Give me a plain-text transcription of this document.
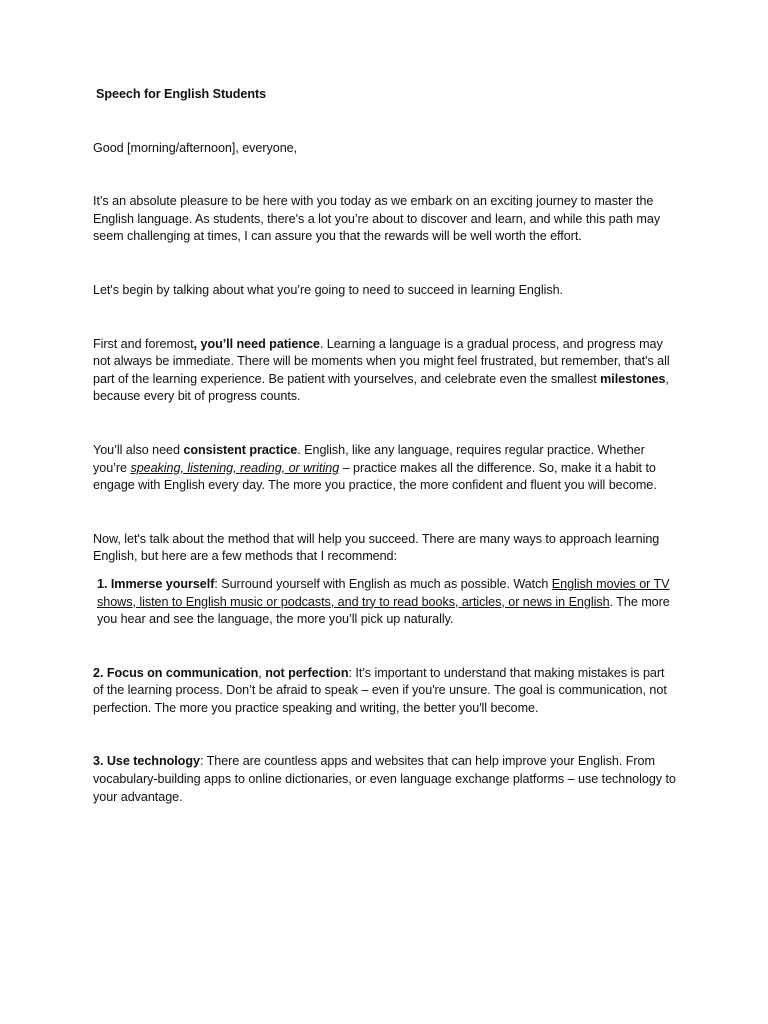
Speech for English Students

Good [morning/afternoon], everyone,

It’s an absolute pleasure to be here with you today as we embark on an exciting journey to master the English language. As students, there's a lot you’re about to discover and learn, and while this path may seem challenging at times, I can assure you that the rewards will be well worth the effort.

Let's begin by talking about what you’re going to need to succeed in learning English.

First and foremost, you’ll need patience. Learning a language is a gradual process, and progress may not always be immediate. There will be moments when you might feel frustrated, but remember, that's all part of the learning experience. Be patient with yourselves, and celebrate even the smallest milestones, because every bit of progress counts.

You’ll also need consistent practice. English, like any language, requires regular practice. Whether you’re speaking, listening, reading, or writing – practice makes all the difference. So, make it a habit to engage with English every day. The more you practice, the more confident and fluent you will become.

Now, let's talk about the method that will help you succeed. There are many ways to approach learning English, but here are a few methods that I recommend:

1. Immerse yourself: Surround yourself with English as much as possible. Watch English movies or TV shows, listen to English music or podcasts, and try to read books, articles, or news in English. The more you hear and see the language, the more you’ll pick up naturally.

2. Focus on communication, not perfection: It’s important to understand that making mistakes is part of the learning process. Don’t be afraid to speak – even if you're unsure. The goal is communication, not perfection. The more you practice speaking and writing, the better you'll become.

3. Use technology: There are countless apps and websites that can help improve your English. From vocabulary-building apps to online dictionaries, or even language exchange platforms – use technology to your advantage.
